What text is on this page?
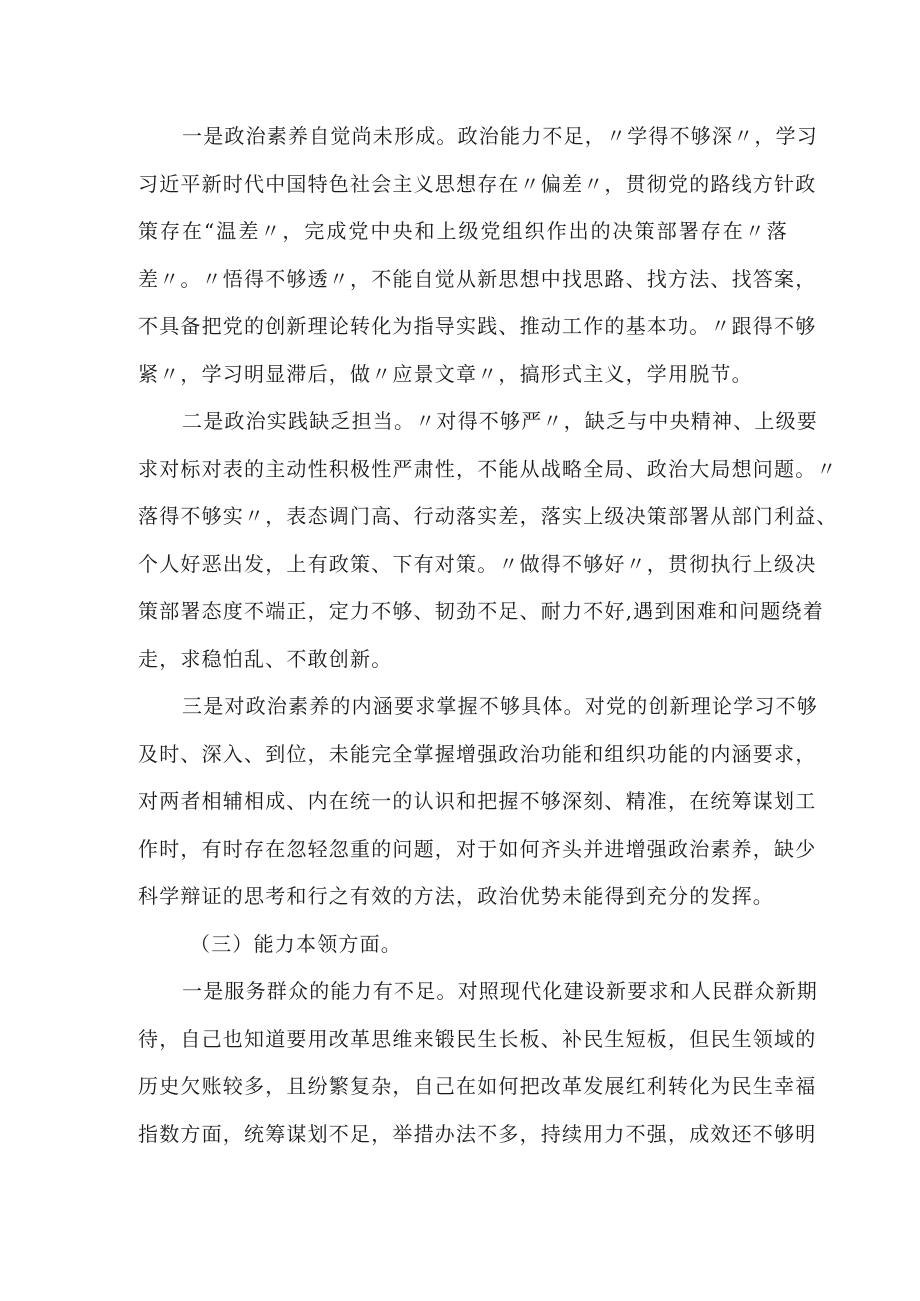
一是政治素养自觉尚未形成。政治能力不足，〃学得不够深〃，学习
习近平新时代中国特色社会主义思想存在〃偏差〃，贯彻党的路线方针政
策存在“温差〃，完成党中央和上级党组织作出的决策部署存在〃落
差〃。〃悟得不够透〃，不能自觉从新思想中找思路、找方法、找答案，
不具备把党的创新理论转化为指导实践、推动工作的基本功。〃跟得不够
紧〃，学习明显滞后，做〃应景文章〃，搞形式主义，学用脱节。
二是政治实践缺乏担当。〃对得不够严〃，缺乏与中央精神、上级要
求对标对表的主动性积极性严肃性，不能从战略全局、政治大局想问题。〃
落得不够实〃，表态调门高、行动落实差，落实上级决策部署从部门利益、
个人好恶出发，上有政策、下有对策。〃做得不够好〃，贯彻执行上级决
策部署态度不端正，定力不够、韧劲不足、耐力不好,遇到困难和问题绕着
走，求稳怕乱、不敢创新。
三是对政治素养的内涵要求掌握不够具体。对党的创新理论学习不够
及时、深入、到位，未能完全掌握增强政治功能和组织功能的内涵要求，
对两者相辅相成、内在统一的认识和把握不够深刻、精准，在统筹谋划工
作时，有时存在忽轻忽重的问题，对于如何齐头并进增强政治素养，缺少
科学辩证的思考和行之有效的方法，政治优势未能得到充分的发挥。
（三）能力本领方面。
一是服务群众的能力有不足。对照现代化建设新要求和人民群众新期
待，自己也知道要用改革思维来锻民生长板、补民生短板，但民生领域的
历史欠账较多，且纷繁复杂，自己在如何把改革发展红利转化为民生幸福
指数方面，统筹谋划不足，举措办法不多，持续用力不强，成效还不够明
